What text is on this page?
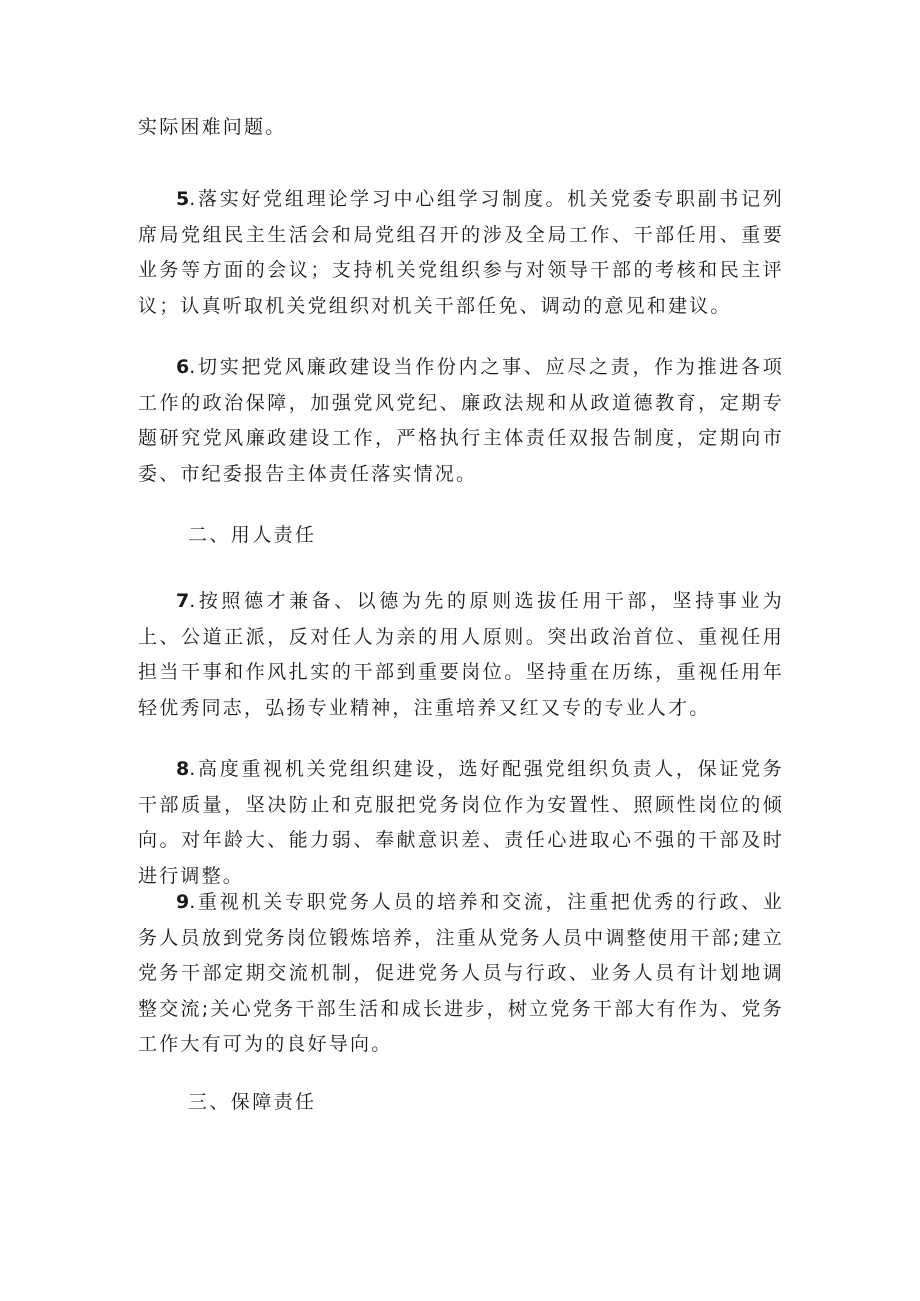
实际困难问题。

5.落实好党组理论学习中心组学习制度。机关党委专职副书记列席局党组民主生活会和局党组召开的涉及全局工作、干部任用、重要业务等方面的会议；支持机关党组织参与对领导干部的考核和民主评议；认真听取机关党组织对机关干部任免、调动的意见和建议。

6.切实把党风廉政建设当作份内之事、应尽之责，作为推进各项工作的政治保障，加强党风党纪、廉政法规和从政道德教育，定期专题研究党风廉政建设工作，严格执行主体责任双报告制度，定期向市委、市纪委报告主体责任落实情况。

二、用人责任

7.按照德才兼备、以德为先的原则选拔任用干部，坚持事业为上、公道正派，反对任人为亲的用人原则。突出政治首位、重视任用担当干事和作风扎实的干部到重要岗位。坚持重在历练，重视任用年轻优秀同志，弘扬专业精神，注重培养又红又专的专业人才。

8.高度重视机关党组织建设，选好配强党组织负责人，保证党务干部质量，坚决防止和克服把党务岗位作为安置性、照顾性岗位的倾向。对年龄大、能力弱、奉献意识差、责任心进取心不强的干部及时进行调整。

9.重视机关专职党务人员的培养和交流，注重把优秀的行政、业务人员放到党务岗位锻炼培养，注重从党务人员中调整使用干部;建立党务干部定期交流机制，促进党务人员与行政、业务人员有计划地调整交流;关心党务干部生活和成长进步，树立党务干部大有作为、党务工作大有可为的良好导向。

三、保障责任
